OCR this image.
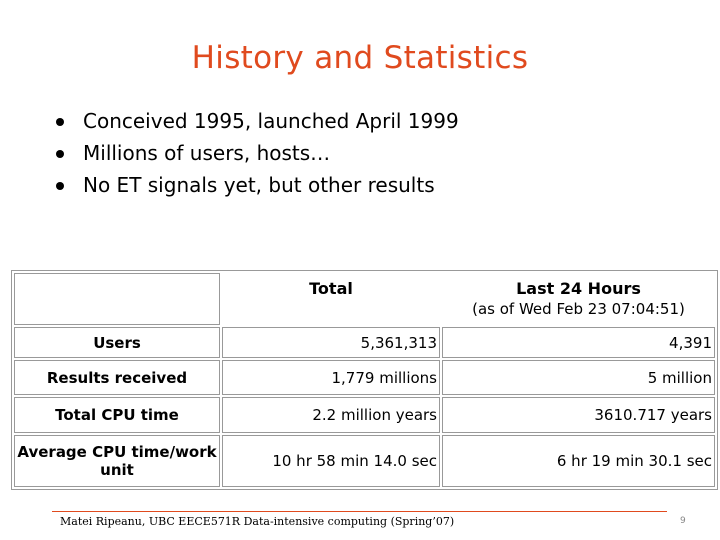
History and Statistics
Conceived 1995, launched April 1999
Millions of users, hosts…
No ET signals yet, but other results
	Total	Last 24 Hours
(as of Wed Feb 23 07:04:51)

Users	5,361,313	4,391
Results received	1,779 millions	5 million
Total CPU time	2.2 million years	3610.717 years
Average CPU time/work unit	10 hr 58 min 14.0 sec	6 hr 19 min 30.1 sec
Matei Ripeanu, UBC EECE571R Data-intensive computing (Spring’07)	9
